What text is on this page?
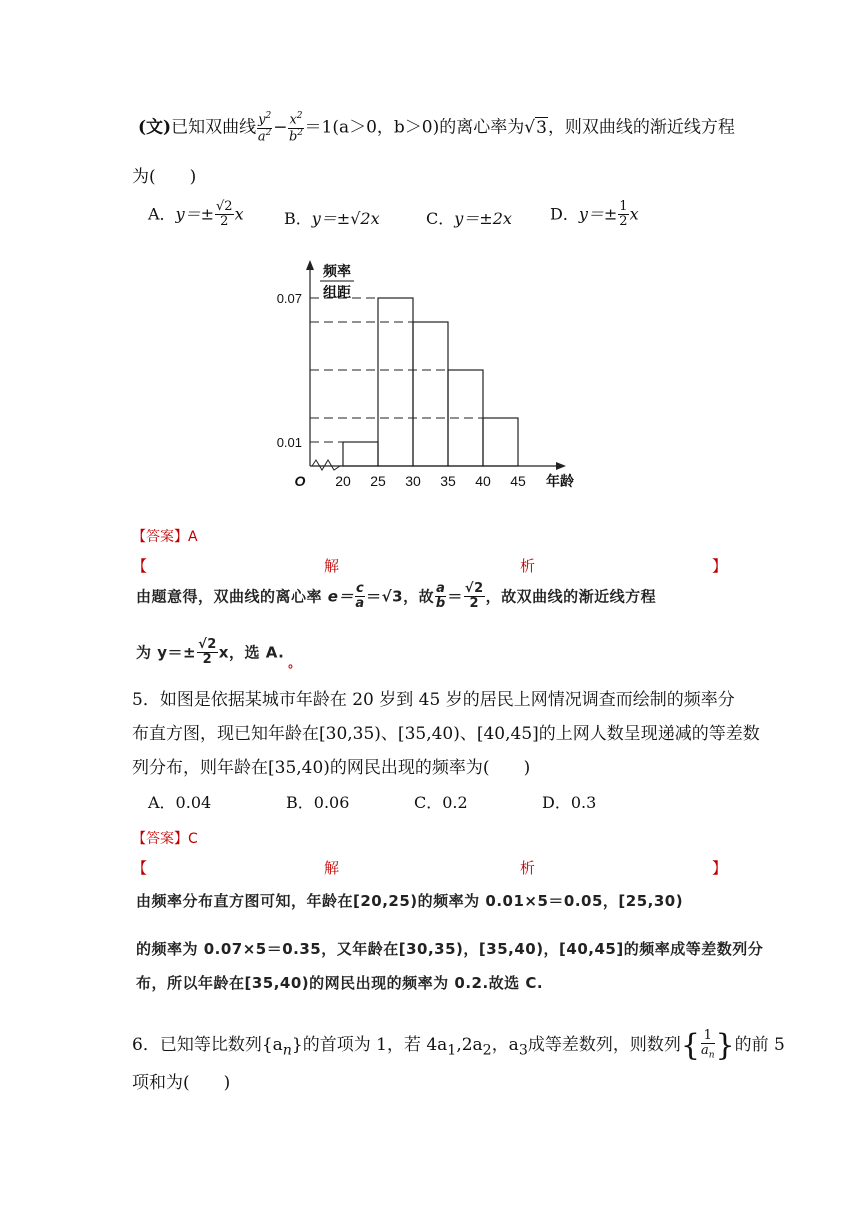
(文)已知双曲线 $\frac{y^2}{a^2} - \frac{x^2}{b^2} =1(a>0$，b＞0)的离心率为√3，则双曲线的渐近线方程
为(　　)
A．$y=\pm \frac{√2}{2}$ x	B．y＝±√2x	C．y＝±2x D．$y=\pm \frac{1}{2}$ x
20 25 30 35 40 45
0.01
0.07
O
频率
组距
年龄
【答案】A
【	解	析	】
由题意得，双曲线的离心率 $e= \frac{c}{a} =√3$，故 $\frac{a}{b} = \frac{√2}{2}$ ，故双曲线的渐近线方程
为 $y=\pm \frac{√2}{2}$ x，选 $A._。$
5．如图是依据某城市年龄在 20 岁到 45 岁的居民上网情况调查而绘制的频率分
布直方图，现已知年龄在[30,35)、[35,40)、[40,45]的上网人数呈现递减的等差数
列分布，则年龄在[35,40)的网民出现的频率为(　　)
A．0.04	B．0.06	C．0.2	D．0.3
【答案】C
【	解	析	】
由频率分布直方图可知，年龄在[20,25)的频率为 0.01×5＝0.05，[25,30)
的频率为 0.07×5＝0.35，又年龄在[30,35)，[35,40)，[40,45]的频率成等差数列分
布，所以年龄在[35,40)的网民出现的频率为 0.2.故选 C.
6．已知等比数列$\{a_n\}$的首项为 1，若 $4a_1,2a_2$，$a_3$成等差数列，则数列{ $\frac{1}{a_n}$ }的前 5
项和为(　　)
